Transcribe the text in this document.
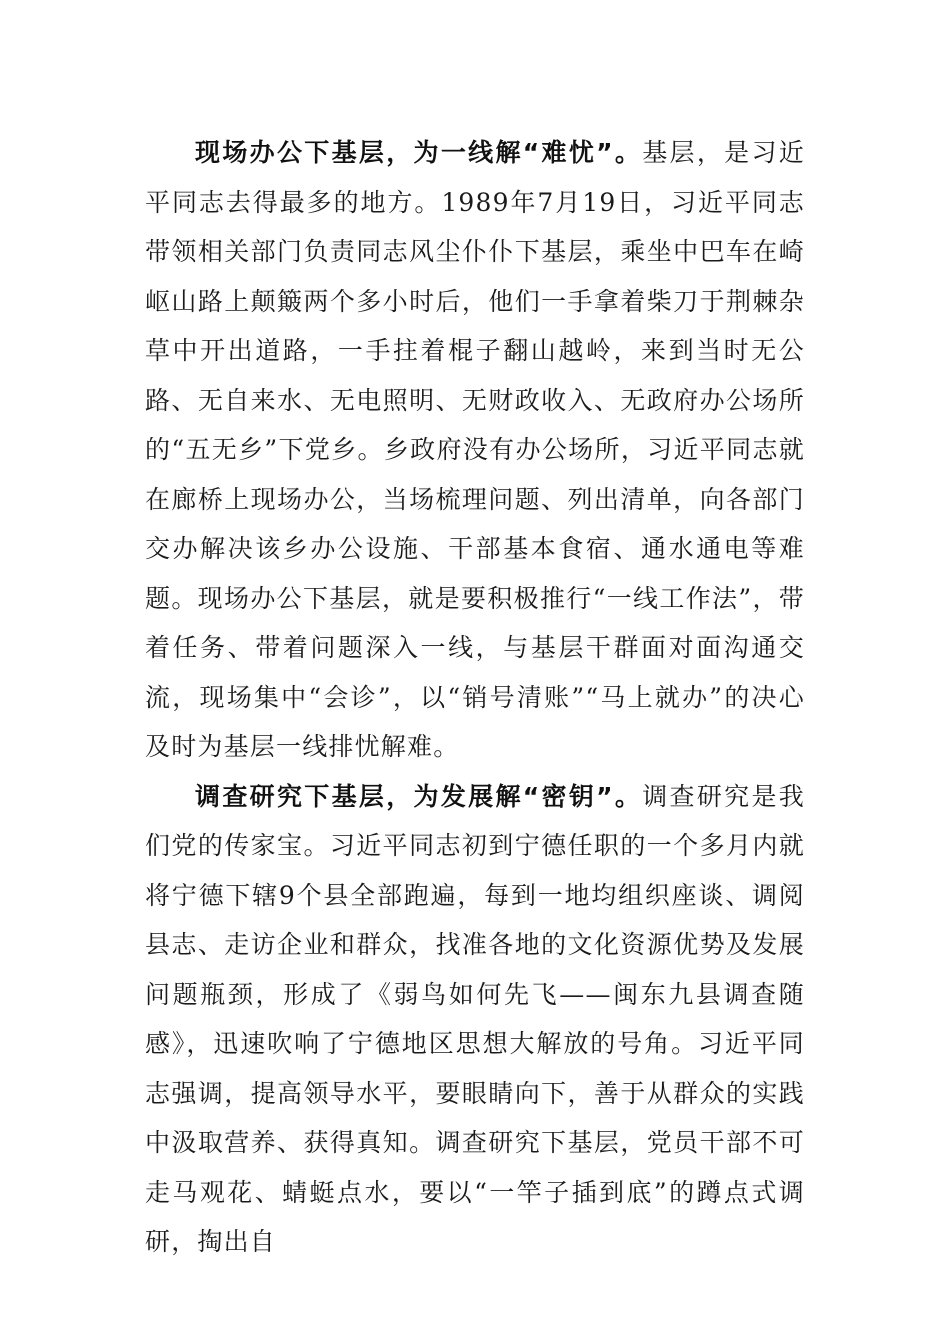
现场办公下基层，为一线解“难忧”。基层，是习近平同志去得最多的地方。1989年7月19日，习近平同志带领相关部门负责同志风尘仆仆下基层，乘坐中巴车在崎岖山路上颠簸两个多小时后，他们一手拿着柴刀于荆棘杂草中开出道路，一手拄着棍子翻山越岭，来到当时无公路、无自来水、无电照明、无财政收入、无政府办公场所的“五无乡”下党乡。乡政府没有办公场所，习近平同志就在廊桥上现场办公，当场梳理问题、列出清单，向各部门交办解决该乡办公设施、干部基本食宿、通水通电等难题。现场办公下基层，就是要积极推行“一线工作法”，带着任务、带着问题深入一线，与基层干群面对面沟通交流，现场集中“会诊”，以“销号清账”“马上就办”的决心及时为基层一线排忧解难。

调查研究下基层，为发展解“密钥”。调查研究是我们党的传家宝。习近平同志初到宁德任职的一个多月内就将宁德下辖9个县全部跑遍，每到一地均组织座谈、调阅县志、走访企业和群众，找准各地的文化资源优势及发展问题瓶颈，形成了《弱鸟如何先飞——闽东九县调查随感》，迅速吹响了宁德地区思想大解放的号角。习近平同志强调，提高领导水平，要眼睛向下，善于从群众的实践中汲取营养、获得真知。调查研究下基层，党员干部不可走马观花、蜻蜓点水，要以“一竿子插到底”的蹲点式调研，掏出自
